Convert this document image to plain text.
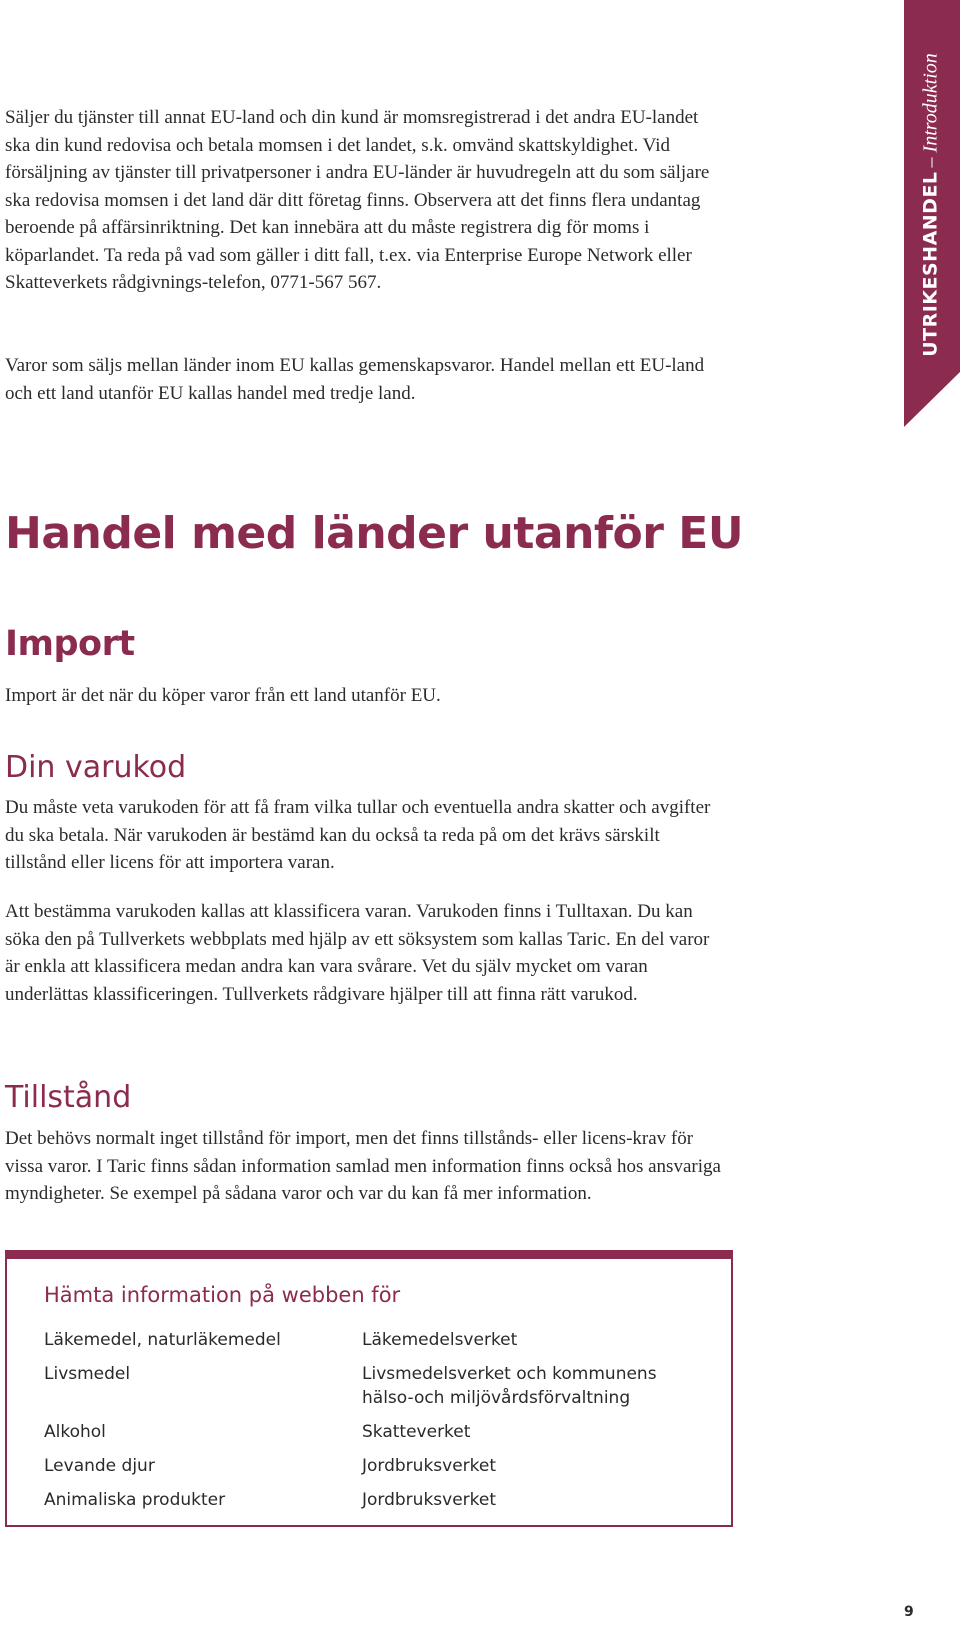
UTRIKESHANDEL – Introduktion

Säljer du tjänster till annat EU-land och din kund är momsregistrerad i det andra EU-landet ska din kund redovisa och betala momsen i det landet, s.k. omvänd skattskyldighet. Vid försäljning av tjänster till privatpersoner i andra EU-länder är huvudregeln att du som säljare ska redovisa momsen i det land där ditt företag finns. Observera att det finns flera undantag beroende på affärsinriktning. Det kan innebära att du måste registrera dig för moms i köparlandet. Ta reda på vad som gäller i ditt fall, t.ex. via Enterprise Europe Network eller Skatteverkets rådgivnings-telefon, 0771-567 567.

Varor som säljs mellan länder inom EU kallas gemenskapsvaror. Handel mellan ett EU-land och ett land utanför EU kallas handel med tredje land.

Handel med länder utanför EU
Import

Import är det när du köper varor från ett land utanför EU.

Din varukod

Du måste veta varukoden för att få fram vilka tullar och eventuella andra skatter och avgifter du ska betala. När varukoden är bestämd kan du också ta reda på om det krävs särskilt tillstånd eller licens för att importera varan.

Att bestämma varukoden kallas att klassificera varan. Varukoden finns i Tulltaxan. Du kan söka den på Tullverkets webbplats med hjälp av ett söksystem som kallas Taric. En del varor är enkla att klassificera medan andra kan vara svårare. Vet du själv mycket om varan underlättas klassificeringen. Tullverkets rådgivare hjälper till att finna rätt varukod.

Tillstånd

Det behövs normalt inget tillstånd för import, men det finns tillstånds- eller licens-krav för vissa varor. I Taric finns sådan information samlad men information finns också hos ansvariga myndigheter. Se exempel på sådana varor och var du kan få mer information.

Hämta information på webben för
Läkemedel, naturläkemedel	Läkemedelsverket
Livsmedel	Livsmedelsverket och kommunens hälso-och miljövårdsförvaltning
Alkohol	Skatteverket
Levande djur	Jordbruksverket
Animaliska produkter	Jordbruksverket
9
